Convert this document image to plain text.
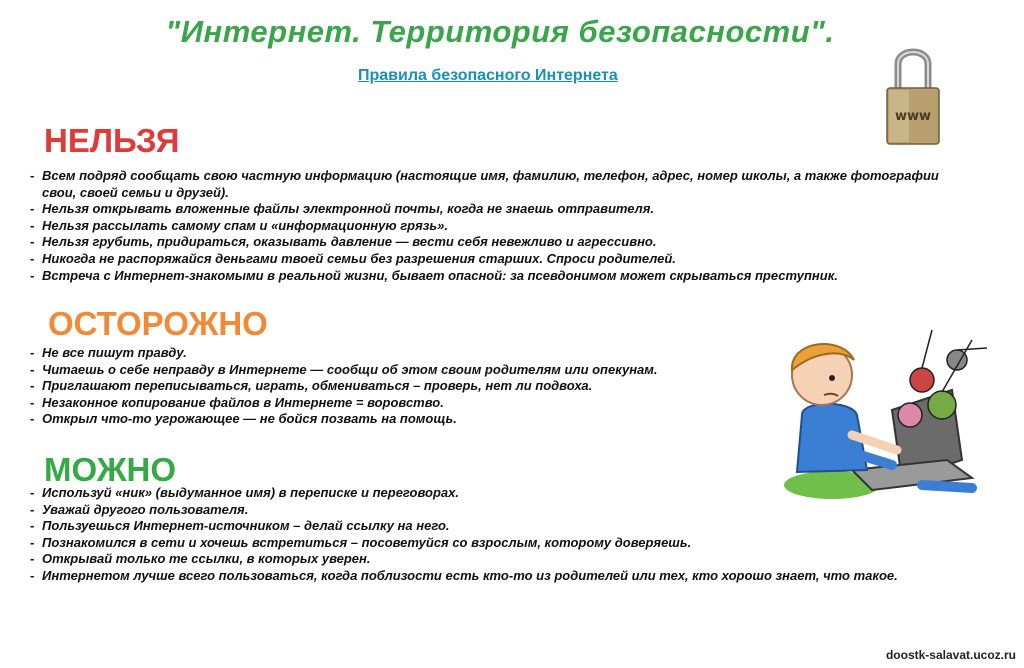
"Интернет. Территория безопасности".
Правила безопасного Интернета
www
НЕЛЬЗЯ
- Всем подряд сообщать свою частную информацию (настоящие имя, фамилию, телефон, адрес, номер школы, а также фотографии свои, своей семьи и друзей).
- Нельзя открывать вложенные файлы электронной почты, когда не знаешь отправителя.
- Нельзя рассылать самому спам и «информационную грязь».
- Нельзя грубить, придираться, оказывать давление — вести себя невежливо и агрессивно.
- Никогда не распоряжайся деньгами твоей семьи без разрешения старших. Спроси родителей.
- Встреча с Интернет-знакомыми в реальной жизни, бывает опасной: за псевдонимом может скрываться преступник.
ОСТОРОЖНО
- Не все пишут правду.
- Читаешь о себе неправду в Интернете — сообщи об этом своим родителям или опекунам.
- Приглашают переписываться, играть, обмениваться – проверь, нет ли подвоха.
- Незаконное копирование файлов в Интернете = воровство.
- Открыл что-то угрожающее — не бойся позвать на помощь.
МОЖНО
- Используй «ник» (выдуманное имя) в переписке и переговорах.
- Уважай другого пользователя.
- Пользуешься Интернет-источником – делай ссылку на него.
- Познакомился в сети и хочешь встретиться – посоветуйся со взрослым, которому доверяешь.
- Открывай только те ссылки, в которых уверен.
- Интернетом лучше всего пользоваться, когда поблизости есть кто-то из родителей или тех, кто хорошо знает, что такое.
doostk-salavat.ucoz.ru
